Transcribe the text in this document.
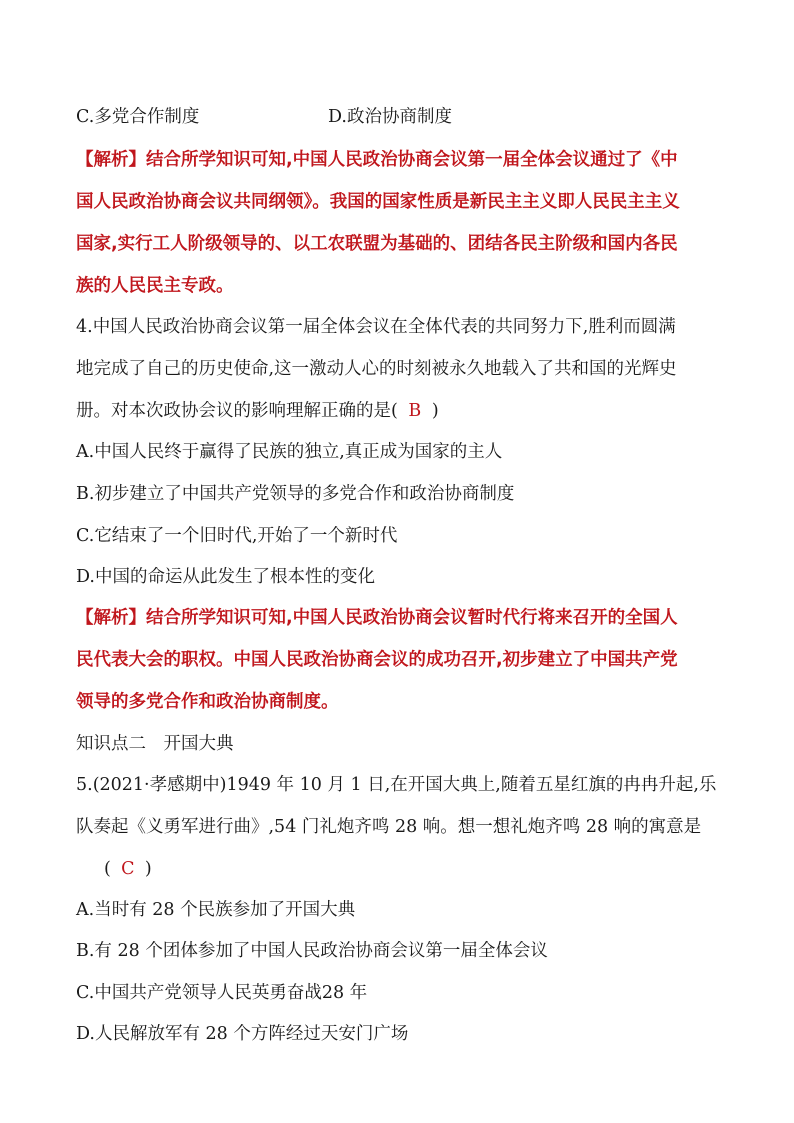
C.多党合作制度	D.政治协商制度
【解析】结合所学知识可知,中国人民政治协商会议第一届全体会议通过了《中
国人民政治协商会议共同纲领》。我国的国家性质是新民主主义即人民民主主义
国家,实行工人阶级领导的、以工农联盟为基础的、团结各民主阶级和国内各民
族的人民民主专政。
4.中国人民政治协商会议第一届全体会议在全体代表的共同努力下,胜利而圆满
地完成了自己的历史使命,这一激动人心的时刻被永久地载入了共和国的光辉史
册。对本次政协会议的影响理解正确的是( B )
A.中国人民终于赢得了民族的独立,真正成为国家的主人
B.初步建立了中国共产党领导的多党合作和政治协商制度
C.它结束了一个旧时代,开始了一个新时代
D.中国的命运从此发生了根本性的变化
【解析】结合所学知识可知,中国人民政治协商会议暂时代行将来召开的全国人
民代表大会的职权。中国人民政治协商会议的成功召开,初步建立了中国共产党
领导的多党合作和政治协商制度。
知识点二　开国大典
5.(2021·孝感期中)1949 年 10 月 1 日,在开国大典上,随着五星红旗的冉冉升起,乐
队奏起《义勇军进行曲》,54 门礼炮齐鸣 28 响。想一想礼炮齐鸣 28 响的寓意是
( C )
A.当时有 28 个民族参加了开国大典
B.有 28 个团体参加了中国人民政治协商会议第一届全体会议
C.中国共产党领导人民英勇奋战28 年
D.人民解放军有 28 个方阵经过天安门广场
